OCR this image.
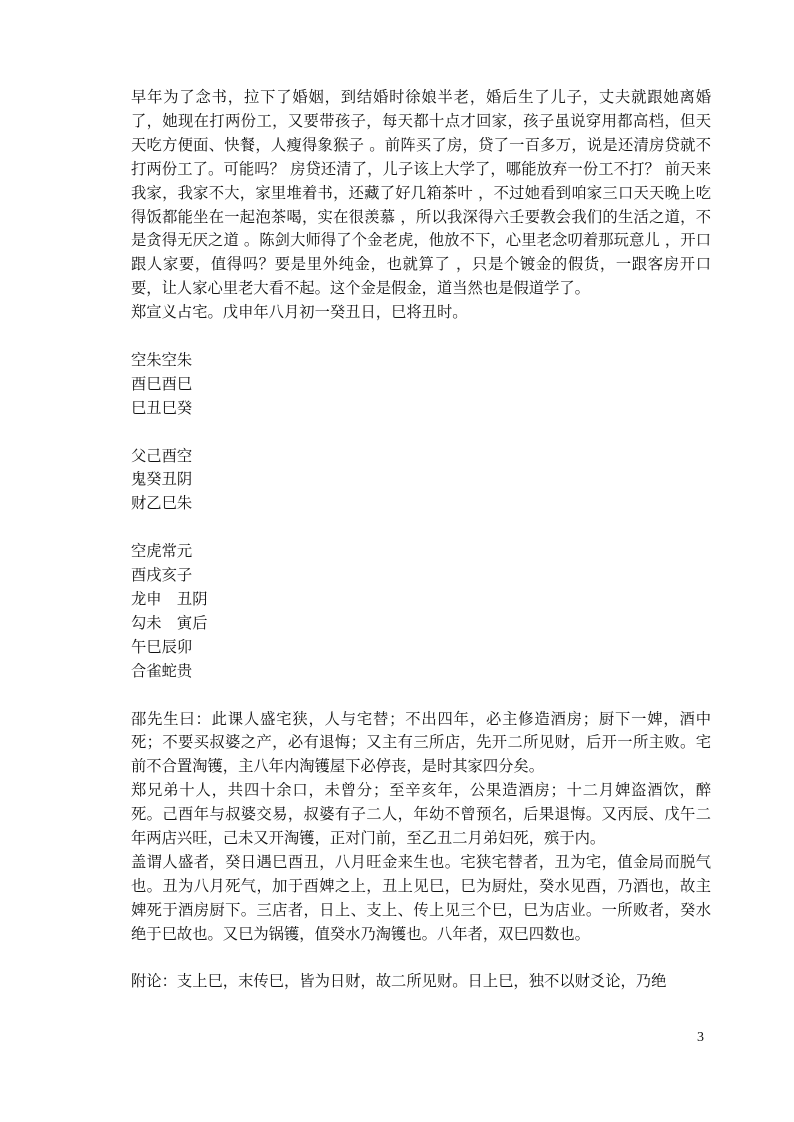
早年为了念书，拉下了婚姻，到结婚时徐娘半老，婚后生了儿子，丈夫就跟她离婚了，她现在打两份工，又要带孩子，每天都十点才回家，孩子虽说穿用都高档，但天天吃方便面、快餐，人瘦得象猴子 。前阵买了房，贷了一百多万，说是还清房贷就不打两份工了。可能吗？ 房贷还清了，儿子该上大学了，哪能放弃一份工不打？ 前天来我家，我家不大，家里堆着书，还藏了好几箱茶叶 ，不过她看到咱家三口天天晚上吃得饭都能坐在一起泡茶喝，实在很羡慕 ，所以我深得六壬要教会我们的生活之道，不是贪得无厌之道 。陈剑大师得了个金老虎，他放不下，心里老念叨着那玩意儿 ，开口跟人家要，值得吗？要是里外纯金，也就算了 ，只是个镀金的假货，一跟客房开口要，让人家心里老大看不起。这个金是假金，道当然也是假道学了。

郑宣义占宅。戊申年八月初一癸丑日，巳将丑时。

空朱空朱

酉巳酉巳

巳丑巳癸

父己酉空

鬼癸丑阴

财乙巳朱

空虎常元

酉戌亥子

龙申　丑阴

勾未　寅后

午巳辰卯

合雀蛇贵

邵先生曰：此课人盛宅狭，人与宅替；不出四年，必主修造酒房；厨下一婢，酒中死；不要买叔婆之产，必有退悔；又主有三所店，先开二所见财，后开一所主败。宅前不合置淘镬，主八年内淘镬屋下必停丧，是时其家四分矣。

郑兄弟十人，共四十余口，未曾分；至辛亥年，公果造酒房；十二月婢盗酒饮，醉死。己酉年与叔婆交易，叔婆有子二人，年幼不曾预名，后果退悔。又丙辰、戊午二年两店兴旺，己未又开淘镬，正对门前，至乙丑二月弟妇死，殡于内。

盖谓人盛者，癸日遇巳酉丑，八月旺金来生也。宅狭宅替者，丑为宅，值金局而脱气也。丑为八月死气，加于酉婢之上，丑上见巳，巳为厨灶，癸水见酉，乃酒也，故主婢死于酒房厨下。三店者，日上、支上、传上见三个巳，巳为店业。一所败者，癸水绝于巳故也。又巳为锅镬，值癸水乃淘镬也。八年者，双巳四数也。

附论：支上巳，末传巳，皆为日财，故二所见财。日上巳，独不以财爻论，乃绝

3
